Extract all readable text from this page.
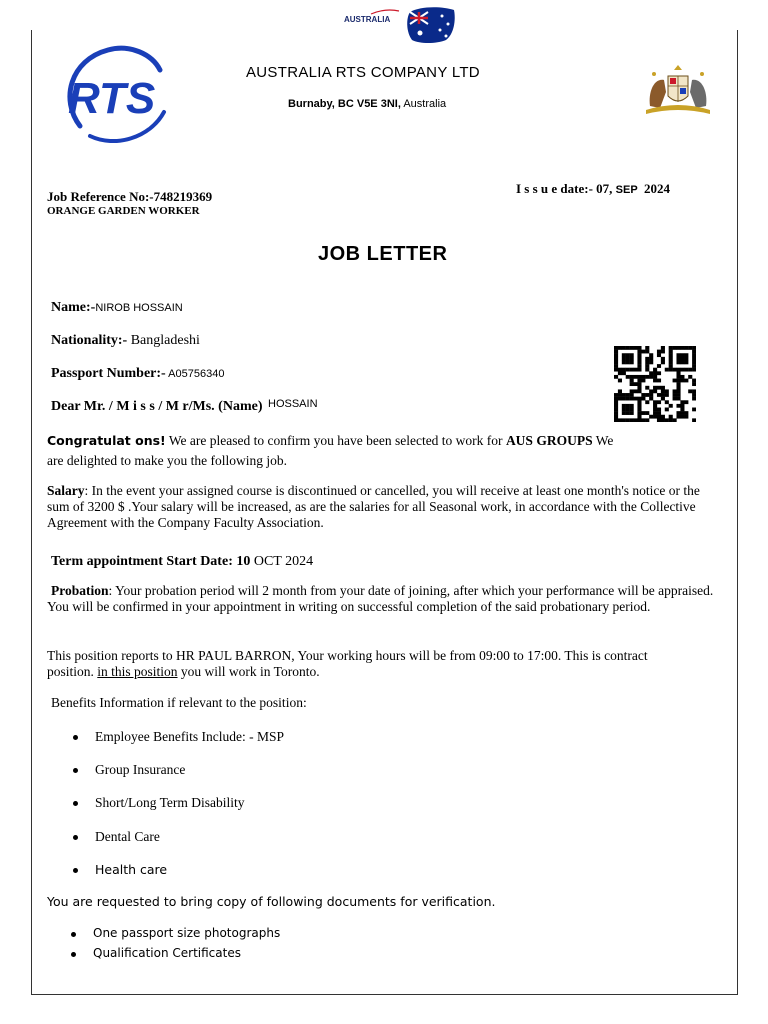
AUSTRALIA
RTS
AUSTRALIA RTS COMPANY LTD
Burnaby, BC V5E 3NI, Australia
Job Reference No:-748219369
ORANGE GARDEN WORKER
I s s u e date:- 07, SEP 2024
JOB LETTER
Name:-NIROB HOSSAIN
Nationality:- Bangladeshi
Passport Number:- A05756340
Dear Mr. / M i s s / M r/Ms. (Name) $^{HOSSAIN}$
Congratulat ons! We are pleased to confirm you have been selected to work for AUS GROUPS We
are delighted to make you the following job.
Salary: In the event your assigned course is discontinued or cancelled, you will receive at least one month's notice or the sum of 3200 $ .Your salary will be increased, as are the salaries for all Seasonal work, in accordance with the Collective Agreement with the Company Faculty Association.
Term appointment Start Date: 10 OCT 2024
Probation: Your probation period will 2 month from your date of joining, after which your performance will be appraised. You will be confirmed in your appointment in writing on successful completion of the said probationary period.
This position reports to HR PAUL BARRON, Your working hours will be from 09:00 to 17:00. This is contract
position. in this position you will work in Toronto.
Benefits Information if relevant to the position:
Employee Benefits Include: - MSP
Group Insurance
Short/Long Term Disability
Dental Care
Health care
You are requested to bring copy of following documents for verification.
One passport size photographs
Qualification Certificates
